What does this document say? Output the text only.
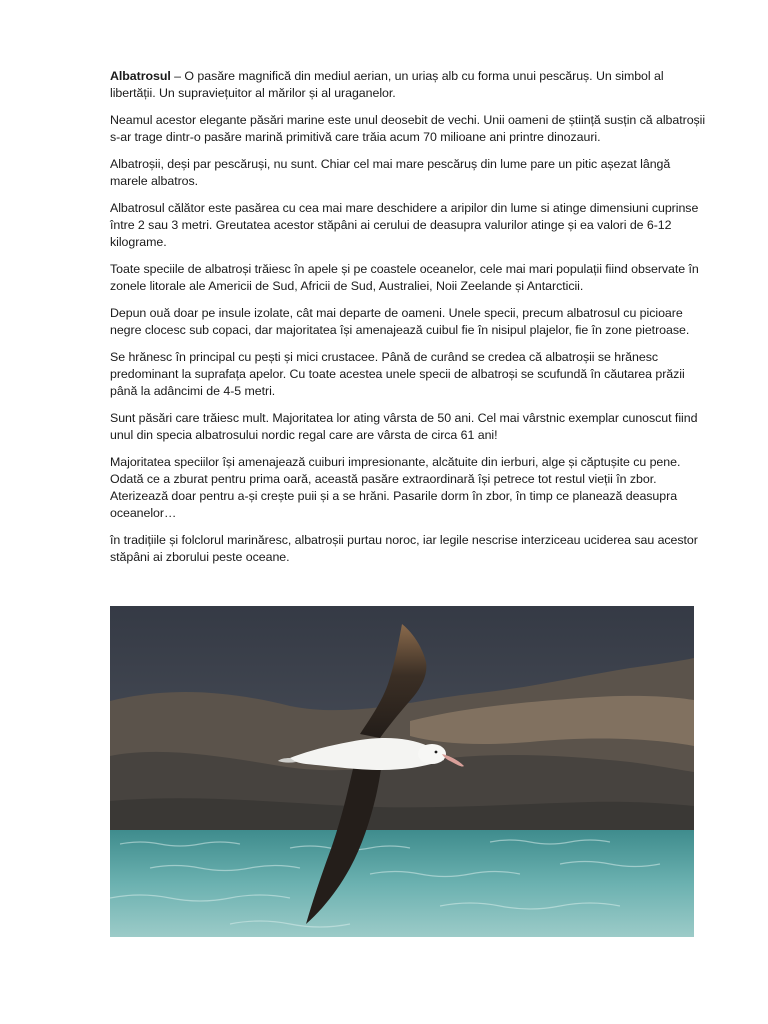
Albatrosul – O pasăre magnifică din mediul aerian, un uriaș alb cu forma unui pescăruș. Un simbol al libertății. Un supraviețuitor al mărilor și al uraganelor.

Neamul acestor elegante păsări marine este unul deosebit de vechi. Unii oameni de știință susțin că albatroșii s-ar trage dintr-o pasăre marină primitivă care trăia acum 70 milioane ani printre dinozauri.

Albatroșii, deși par pescăruși, nu sunt. Chiar cel mai mare pescăruș din lume pare un pitic așezat lângă marele albatros.

Albatrosul călător este pasărea cu cea mai mare deschidere a aripilor din lume si atinge dimensiuni cuprinse între 2 sau 3 metri. Greutatea acestor stăpâni ai cerului de deasupra valurilor atinge și ea valori de 6-12 kilograme.

Toate speciile de albatroși trăiesc în apele și pe coastele oceanelor, cele mai mari populații fiind observate în zonele litorale ale Americii de Sud, Africii de Sud, Australiei, Noii Zeelande și Antarcticii.

Depun ouă doar pe insule izolate, cât mai departe de oameni. Unele specii, precum albatrosul cu picioare negre clocesc sub copaci, dar majoritatea își amenajează cuibul fie în nisipul plajelor, fie în zone pietroase.

Se hrănesc în principal cu pești și mici crustacee. Până de curând se credea că albatroșii se hrănesc predominant la suprafața apelor. Cu toate acestea unele specii de albatroși se scufundă în căutarea prăzii până la adâncimi de 4-5 metri.

Sunt păsări care trăiesc mult. Majoritatea lor ating vârsta de 50 ani. Cel mai vârstnic exemplar cunoscut fiind unul din specia albatrosului nordic regal care are vârsta de circa 61 ani!

Majoritatea speciilor își amenajează cuiburi impresionante, alcătuite din ierburi, alge și căptușite cu pene. Odată ce a zburat pentru prima oară, această pasăre extraordinară își petrece tot restul vieții în zbor. Aterizează doar pentru a-și crește puii și a se hrăni. Pasarile dorm în zbor, în timp ce planează deasupra oceanelor…

în tradițiile și folclorul marinăresc, albatroșii purtau noroc, iar legile nescrise interziceau uciderea sau acestor stăpâni ai zborului peste oceane.
